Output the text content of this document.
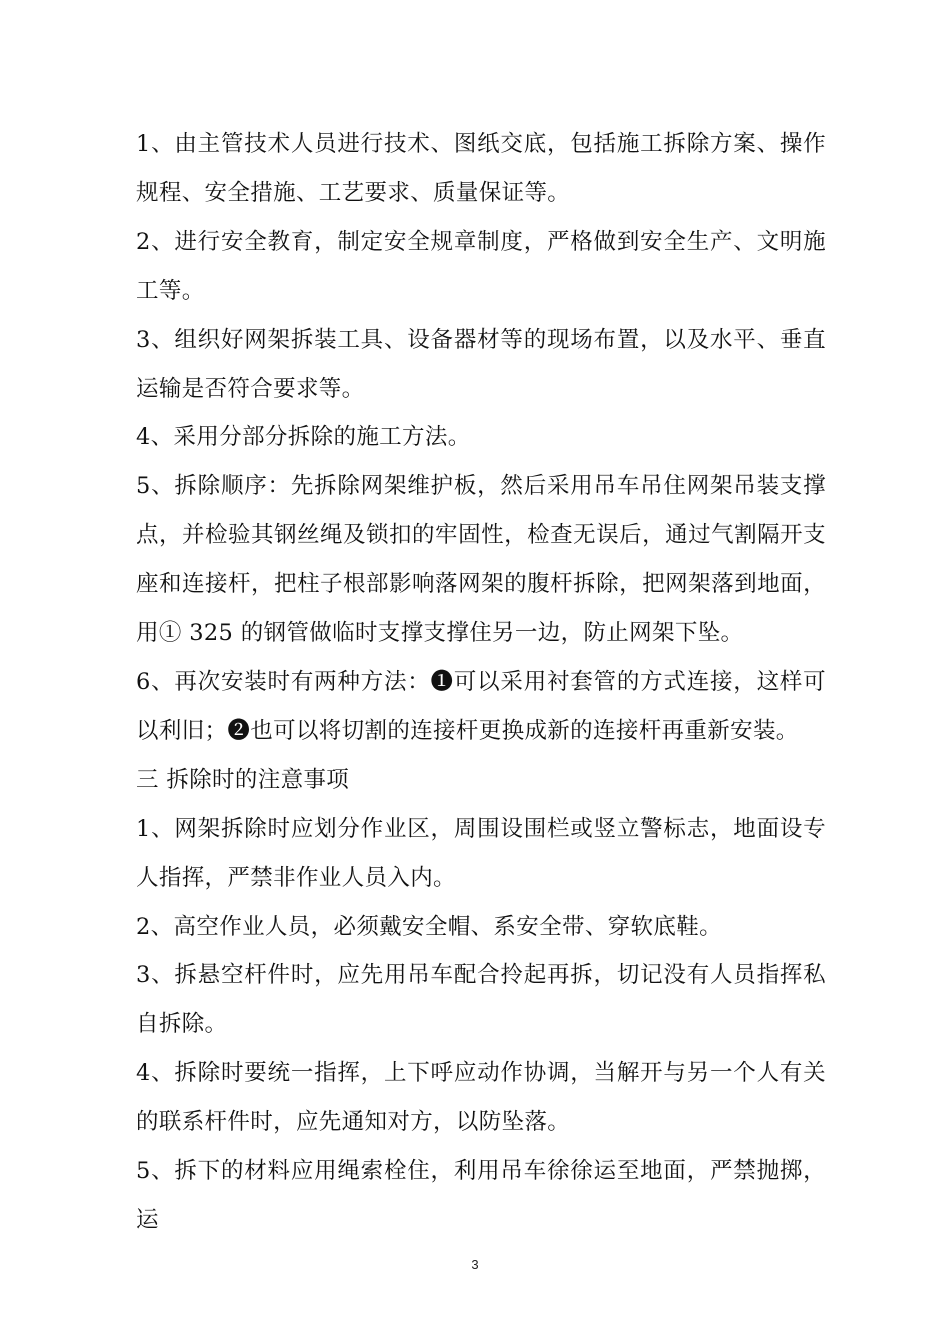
1、由主管技术人员进行技术、图纸交底，包括施工拆除方案、操作规程、安全措施、工艺要求、质量保证等。

2、进行安全教育，制定安全规章制度，严格做到安全生产、文明施工等。

3、组织好网架拆装工具、设备器材等的现场布置，以及水平、垂直运输是否符合要求等。

4、采用分部分拆除的施工方法。

5、拆除顺序：先拆除网架维护板，然后采用吊车吊住网架吊装支撑点，并检验其钢丝绳及锁扣的牢固性，检查无误后，通过气割隔开支座和连接杆，把柱子根部影响落网架的腹杆拆除，把网架落到地面，用① 325 的钢管做临时支撑支撑住另一边，防止网架下坠。

6、再次安装时有两种方法：❶可以采用衬套管的方式连接，这样可以利旧；❷也可以将切割的连接杆更换成新的连接杆再重新安装。

三 拆除时的注意事项

1、网架拆除时应划分作业区，周围设围栏或竖立警标志，地面设专人指挥，严禁非作业人员入内。

2、高空作业人员，必须戴安全帽、系安全带、穿软底鞋。

3、拆悬空杆件时，应先用吊车配合拎起再拆，切记没有人员指挥私自拆除。

4、拆除时要统一指挥，上下呼应动作协调，当解开与另一个人有关的联系杆件时，应先通知对方，以防坠落。

5、拆下的材料应用绳索栓住，利用吊车徐徐运至地面，严禁抛掷，运

3
